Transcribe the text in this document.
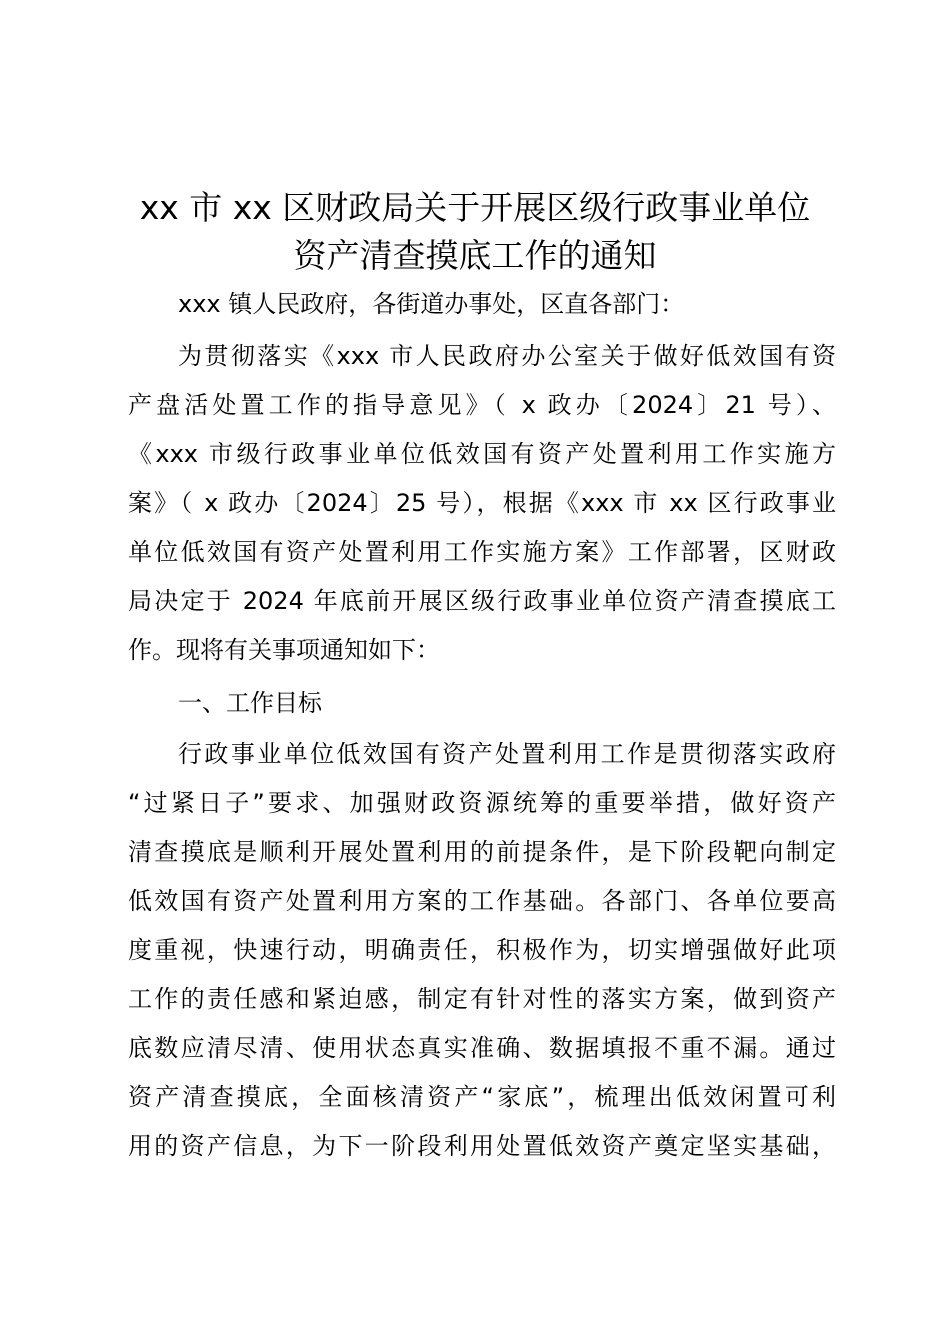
xx 市 xx 区财政局关于开展区级行政事业单位
资产清查摸底工作的通知
xxx 镇人民政府，各街道办事处，区直各部门：
为贯彻落实《xxx 市人民政府办公室关于做好低效国有资
产盘活处置工作的指导意见》（ x 政办〔2024〕21 号）、
《xxx 市级行政事业单位低效国有资产处置利用工作实施方
案》（ x 政办〔2024〕25 号），根据《xxx 市 xx 区行政事业
单位低效国有资产处置利用工作实施方案》工作部署，区财政
局决定于 2024 年底前开展区级行政事业单位资产清查摸底工
作。现将有关事项通知如下：
一、工作目标
行政事业单位低效国有资产处置利用工作是贯彻落实政府
“过紧日子”要求、加强财政资源统筹的重要举措，做好资产
清查摸底是顺利开展处置利用的前提条件，是下阶段靶向制定
低效国有资产处置利用方案的工作基础。各部门、各单位要高
度重视，快速行动，明确责任，积极作为，切实增强做好此项
工作的责任感和紧迫感，制定有针对性的落实方案，做到资产
底数应清尽清、使用状态真实准确、数据填报不重不漏。通过
资产清查摸底，全面核清资产“家底”，梳理出低效闲置可利
用的资产信息，为下一阶段利用处置低效资产奠定坚实基础，
